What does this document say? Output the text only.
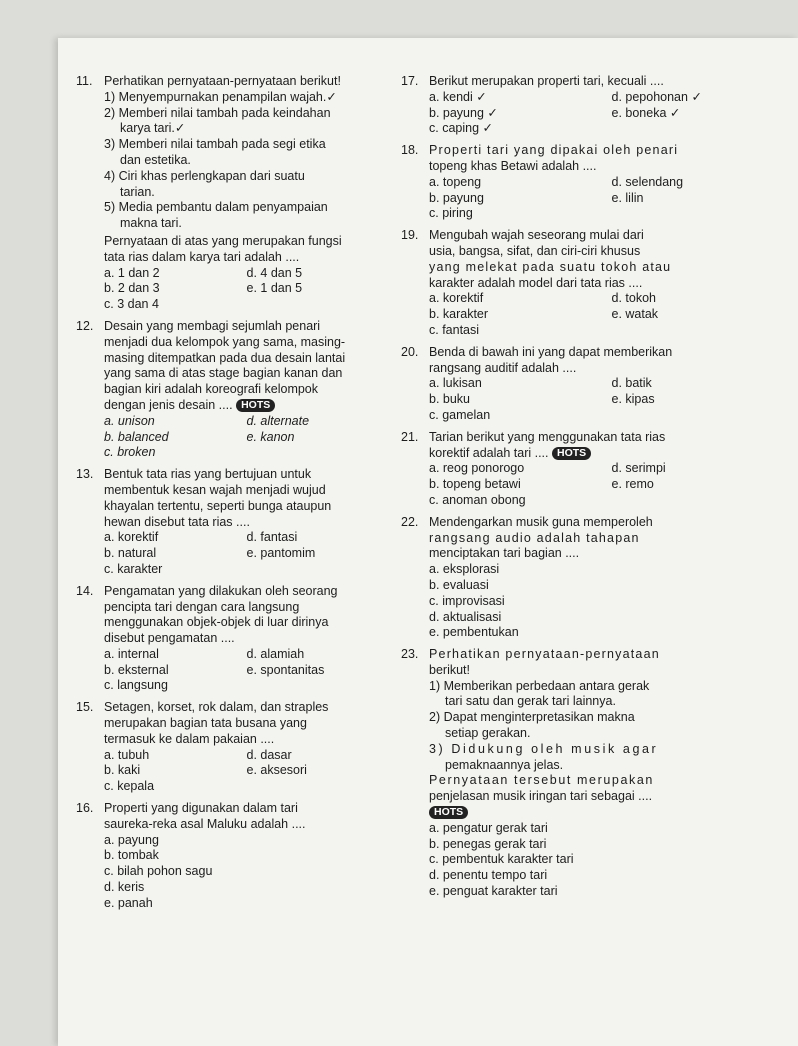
11. Perhatikan pernyataan-pernyataan berikut!
1) Menyempurnakan penampilan wajah.✓
2) Memberi nilai tambah pada keindahan
karya tari.✓
3) Memberi nilai tambah pada segi etika
dan estetika.
4) Ciri khas perlengkapan dari suatu
tarian.
5) Media pembantu dalam penyampaian
makna tari.
Pernyataan di atas yang merupakan fungsi
tata rias dalam karya tari adalah ....
a. 1 dan 2	d. 4 dan 5
b. 2 dan 3	e. 1 dan 5
c. 3 dan 4
12. Desain yang membagi sejumlah penari
menjadi dua kelompok yang sama, masing-
masing ditempatkan pada dua desain lantai
yang sama di atas stage bagian kanan dan
bagian kiri adalah koreografi kelompok
dengan jenis desain .... HOTS
a. unison	d. alternate
b. balanced	e. kanon
c. broken
13. Bentuk tata rias yang bertujuan untuk
membentuk kesan wajah menjadi wujud
khayalan tertentu, seperti bunga ataupun
hewan disebut tata rias ....
a. korektif	d. fantasi
b. natural	e. pantomim
c. karakter
14. Pengamatan yang dilakukan oleh seorang
pencipta tari dengan cara langsung
menggunakan objek-objek di luar dirinya
disebut pengamatan ....
a. internal	d. alamiah
b. eksternal	e. spontanitas
c. langsung
15. Setagen, korset, rok dalam, dan straples
merupakan bagian tata busana yang
termasuk ke dalam pakaian ....
a. tubuh	d. dasar
b. kaki	e. aksesori
c. kepala
16. Properti yang digunakan dalam tari
saureka-reka asal Maluku adalah ....
a. payung
b. tombak
c. bilah pohon sagu
d. keris
e. panah
17. Berikut merupakan properti tari, kecuali ....
a. kendi ✓	d. pepohonan ✓
b. payung ✓	e. boneka ✓
c. caping ✓
18. Properti tari yang dipakai oleh penari
topeng khas Betawi adalah ....
a. topeng	d. selendang
b. payung	e. lilin
c. piring
19. Mengubah wajah seseorang mulai dari
usia, bangsa, sifat, dan ciri-ciri khusus
yang melekat pada suatu tokoh atau
karakter adalah model dari tata rias ....
a. korektif	d. tokoh
b. karakter	e. watak
c. fantasi
20. Benda di bawah ini yang dapat memberikan
rangsang auditif adalah ....
a. lukisan	d. batik
b. buku	e. kipas
c. gamelan
21. Tarian berikut yang menggunakan tata rias
korektif adalah tari .... HOTS
a. reog ponorogo	d. serimpi
b. topeng betawi	e. remo
c. anoman obong
22. Mendengarkan musik guna memperoleh
rangsang audio adalah tahapan
menciptakan tari bagian ....
a. eksplorasi
b. evaluasi
c. improvisasi
d. aktualisasi
e. pembentukan
23. Perhatikan pernyataan-pernyataan
berikut!
1) Memberikan perbedaan antara gerak
tari satu dan gerak tari lainnya.
2) Dapat menginterpretasikan makna
setiap gerakan.
3) Didukung oleh musik agar
pemaknaannya jelas.
Pernyataan tersebut merupakan
penjelasan musik iringan tari sebagai ....
HOTS
a. pengatur gerak tari
b. penegas gerak tari
c. pembentuk karakter tari
d. penentu tempo tari
e. penguat karakter tari
